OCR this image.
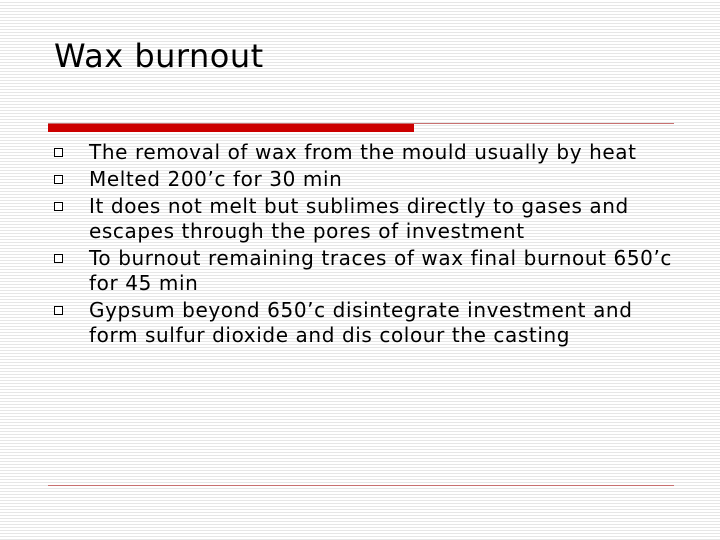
Wax burnout
The removal of wax from the mould usually by heat
Melted 200’c for 30 min
It does not melt but sublimes directly to gases and escapes through the pores of investment
To burnout remaining traces of wax final burnout 650’c for 45 min
Gypsum beyond 650’c disintegrate investment and form sulfur dioxide and dis colour the casting
